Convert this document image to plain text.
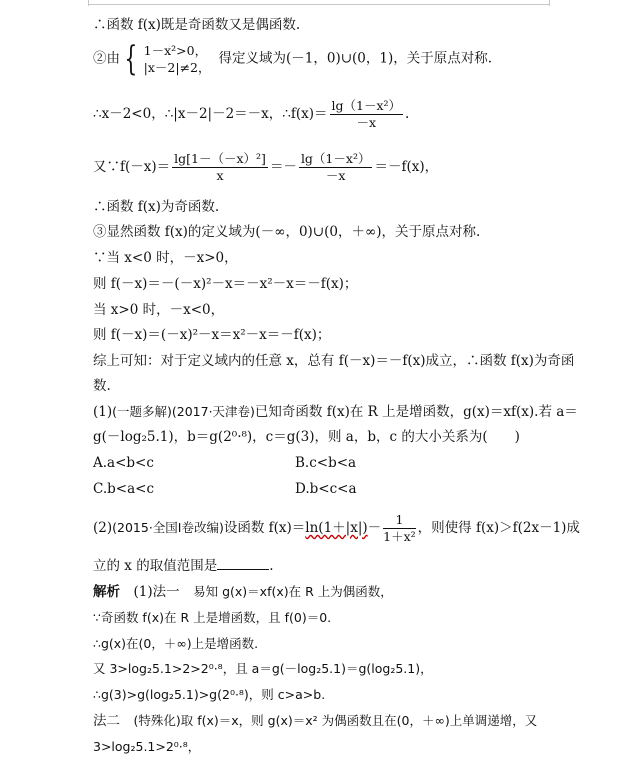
∴函数 f(x)既是奇函数又是偶函数.
②由 { 1－x²>0，
|x－2|≠2，
得定义域为(－1，0)∪(0，1)，关于原点对称.
∴x－2<0，∴|x－2|－2＝－x，∴f(x)＝ $\frac{\text{lg（1－x²）}}{-x}$ .
又∵f(－x)＝ $\frac{\text{lg[1－（－x）²]}}{x} =- \frac{\text{lg（1－x²）}}{-x} =-f(x)$，
∴函数 f(x)为奇函数.
③显然函数 f(x)的定义域为(－∞，0)∪(0，＋∞)，关于原点对称.
∵当 x<0 时，－x>0，
则 f(－x)＝－(－x)²－x＝－x²－x＝－f(x)；
当 x>0 时，－x<0，
则 f(－x)＝(－x)²－x＝x²－x＝－f(x)；
综上可知：对于定义域内的任意 x，总有 f(－x)＝－f(x)成立，∴函数 f(x)为奇函
数.
(1)(一题多解)(2017·天津卷)已知奇函数 f(x)在 R 上是增函数，g(x)＝xf(x).若 a＝
g(－log₂5.1)，b＝g(2⁰·⁸)，c＝g(3)，则 a，b，c 的大小关系为(　　)
A.a<b<c	B.c<b<a
C.b<a<c	D.b<c<a
(2)(2015·全国Ⅰ卷改编)设函数 $f(x)=\ln(1+|x|)- \frac{1}{\text{1＋x²}}$ ，则使得 f(x)＞f(2x－1)成
立的 x 的取值范围是	.
解析　 (1)法一　 易知 g(x)＝xf(x)在 R 上为偶函数，
∵奇函数 f(x)在 R 上是增函数，且 f(0)＝0.
∴g(x)在(0，＋∞)上是增函数.
又 3>log₂5.1>2>2⁰·⁸，且 a＝g(－log₂5.1)＝g(log₂5.1)，
∴g(3)>g(log₂5.1)>g(2⁰·⁸)，则 c>a>b.
法二　 (特殊化)取 f(x)＝x，则 g(x)＝x² 为偶函数且在(0，＋∞)上单调递增，又
3>log₂5.1>2⁰·⁸，
